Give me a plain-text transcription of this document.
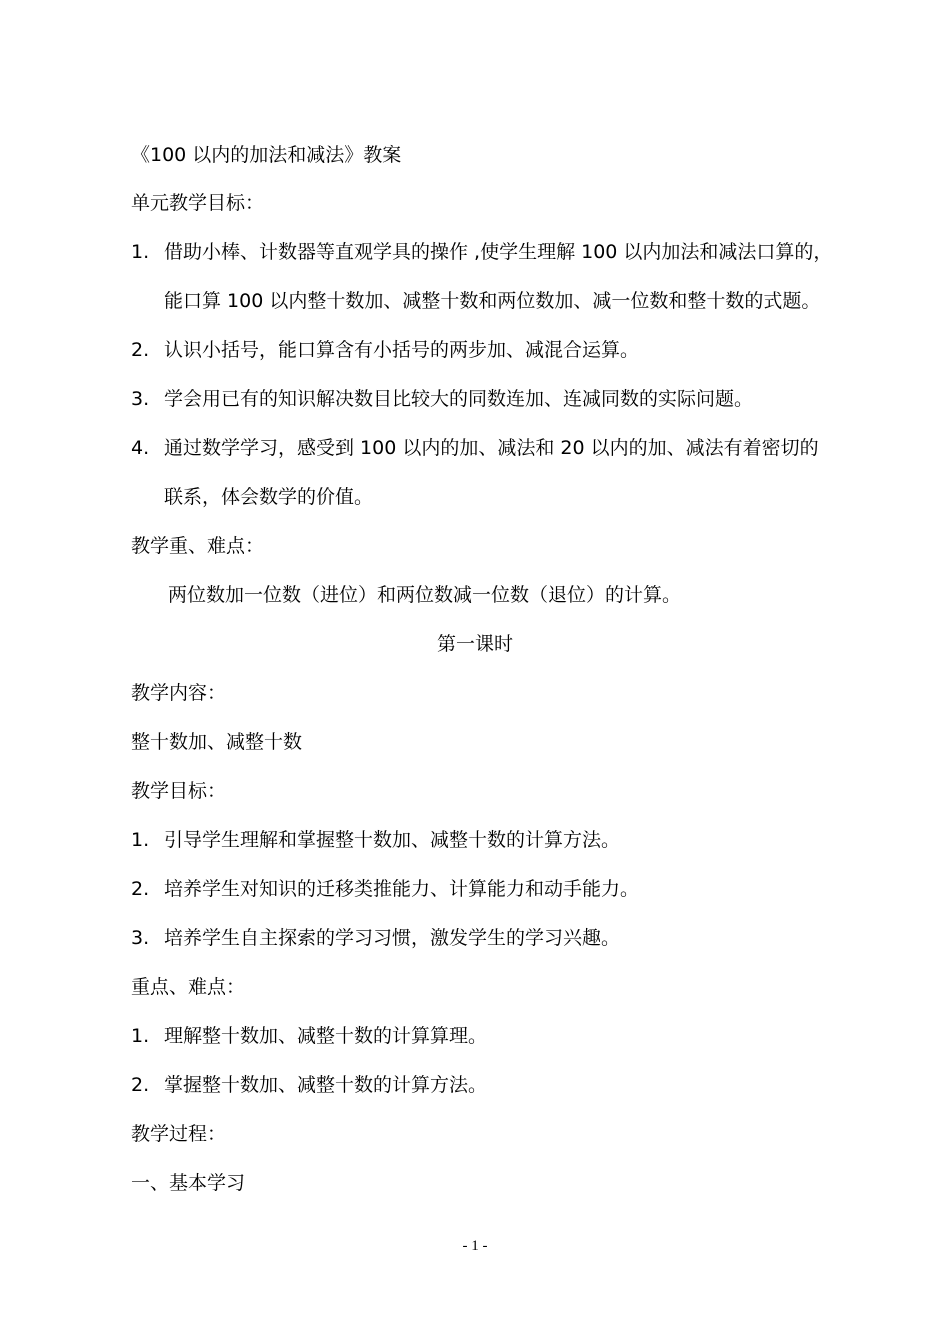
《100 以内的加法和减法》教案
单元教学目标：
1. 借助小棒、计数器等直观学具的操作 ,使学生理解 100 以内加法和减法口算的，
能口算 100 以内整十数加、减整十数和两位数加、减一位数和整十数的式题。
2. 认识小括号，能口算含有小括号的两步加、减混合运算。
3. 学会用已有的知识解决数目比较大的同数连加、连减同数的实际问题。
4. 通过数学学习，感受到 100 以内的加、减法和 20 以内的加、减法有着密切的
联系，体会数学的价值。
教学重、难点：
两位数加一位数（进位）和两位数减一位数（退位）的计算。
第一课时
教学内容：
整十数加、减整十数
教学目标：
1. 引导学生理解和掌握整十数加、减整十数的计算方法。
2. 培养学生对知识的迁移类推能力、计算能力和动手能力。
3. 培养学生自主探索的学习习惯，激发学生的学习兴趣。
重点、难点：
1. 理解整十数加、减整十数的计算算理。
2. 掌握整十数加、减整十数的计算方法。
教学过程：
一、基本学习
- 1 -
